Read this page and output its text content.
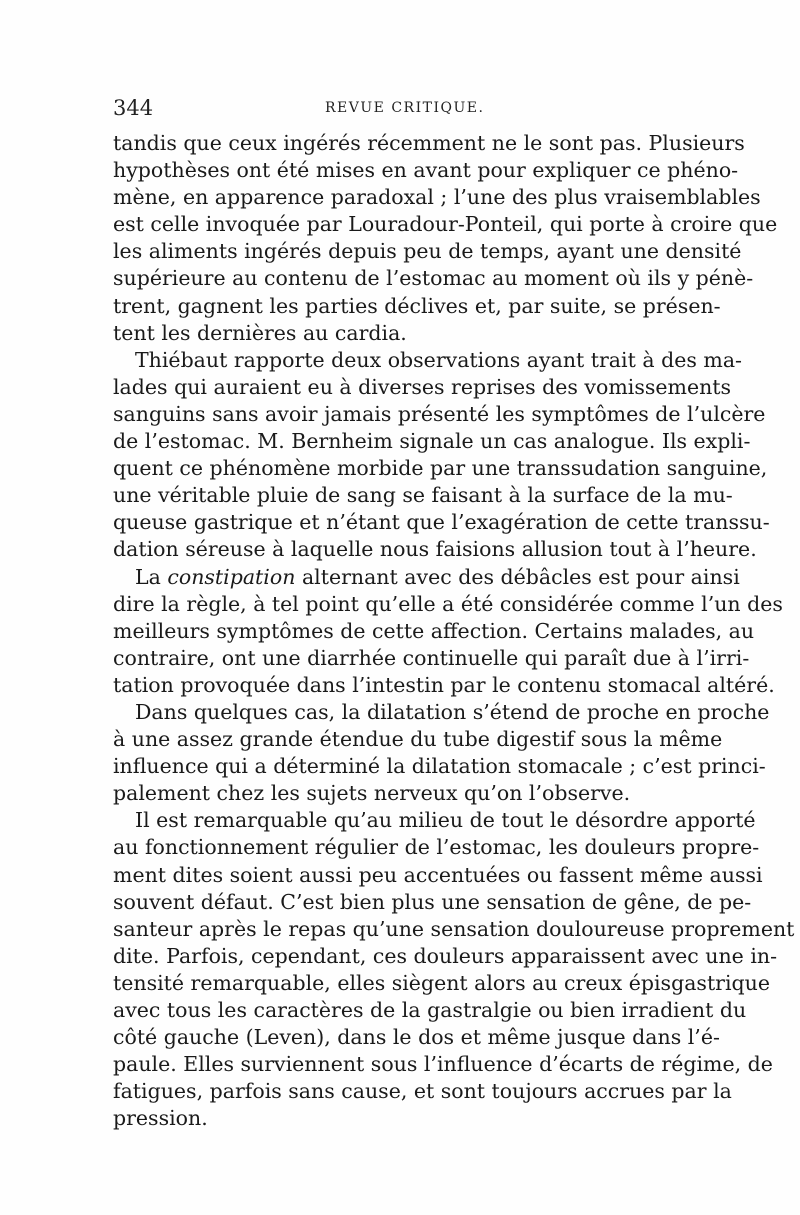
344	REVUE CRITIQUE.

tandis que ceux ingérés récemment ne le sont pas. Plusieurs
hypothèses ont été mises en avant pour expliquer ce phéno-
mène, en apparence paradoxal ; l’une des plus vraisemblables
est celle invoquée par Louradour-Ponteil, qui porte à croire que
les aliments ingérés depuis peu de temps, ayant une densité
supérieure au contenu de l’estomac au moment où ils y pénè-
trent, gagnent les parties déclives et, par suite, se présen-
tent les dernières au cardia.

Thiébaut rapporte deux observations ayant trait à des ma-
lades qui auraient eu à diverses reprises des vomissements
sanguins sans avoir jamais présenté les symptômes de l’ulcère
de l’estomac. M. Bernheim signale un cas analogue. Ils expli-
quent ce phénomène morbide par une transsudation sanguine,
une véritable pluie de sang se faisant à la surface de la mu-
queuse gastrique et n’étant que l’exagération de cette transsu-
dation séreuse à laquelle nous faisions allusion tout à l’heure.

La constipation alternant avec des débâcles est pour ainsi
dire la règle, à tel point qu’elle a été considérée comme l’un des
meilleurs symptômes de cette affection. Certains malades, au
contraire, ont une diarrhée continuelle qui paraît due à l’irri-
tation provoquée dans l’intestin par le contenu stomacal altéré.

Dans quelques cas, la dilatation s’étend de proche en proche
à une assez grande étendue du tube digestif sous la même
influence qui a déterminé la dilatation stomacale ; c’est princi-
palement chez les sujets nerveux qu’on l’observe.

Il est remarquable qu’au milieu de tout le désordre apporté
au fonctionnement régulier de l’estomac, les douleurs propre-
ment dites soient aussi peu accentuées ou fassent même aussi
souvent défaut. C’est bien plus une sensation de gêne, de pe-
santeur après le repas qu’une sensation douloureuse proprement
dite. Parfois, cependant, ces douleurs apparaissent avec une in-
tensité remarquable, elles siègent alors au creux épisgastrique
avec tous les caractères de la gastralgie ou bien irradient du
côté gauche (Leven), dans le dos et même jusque dans l’é-
paule. Elles surviennent sous l’influence d’écarts de régime, de
fatigues, parfois sans cause, et sont toujours accrues par la
pression.
